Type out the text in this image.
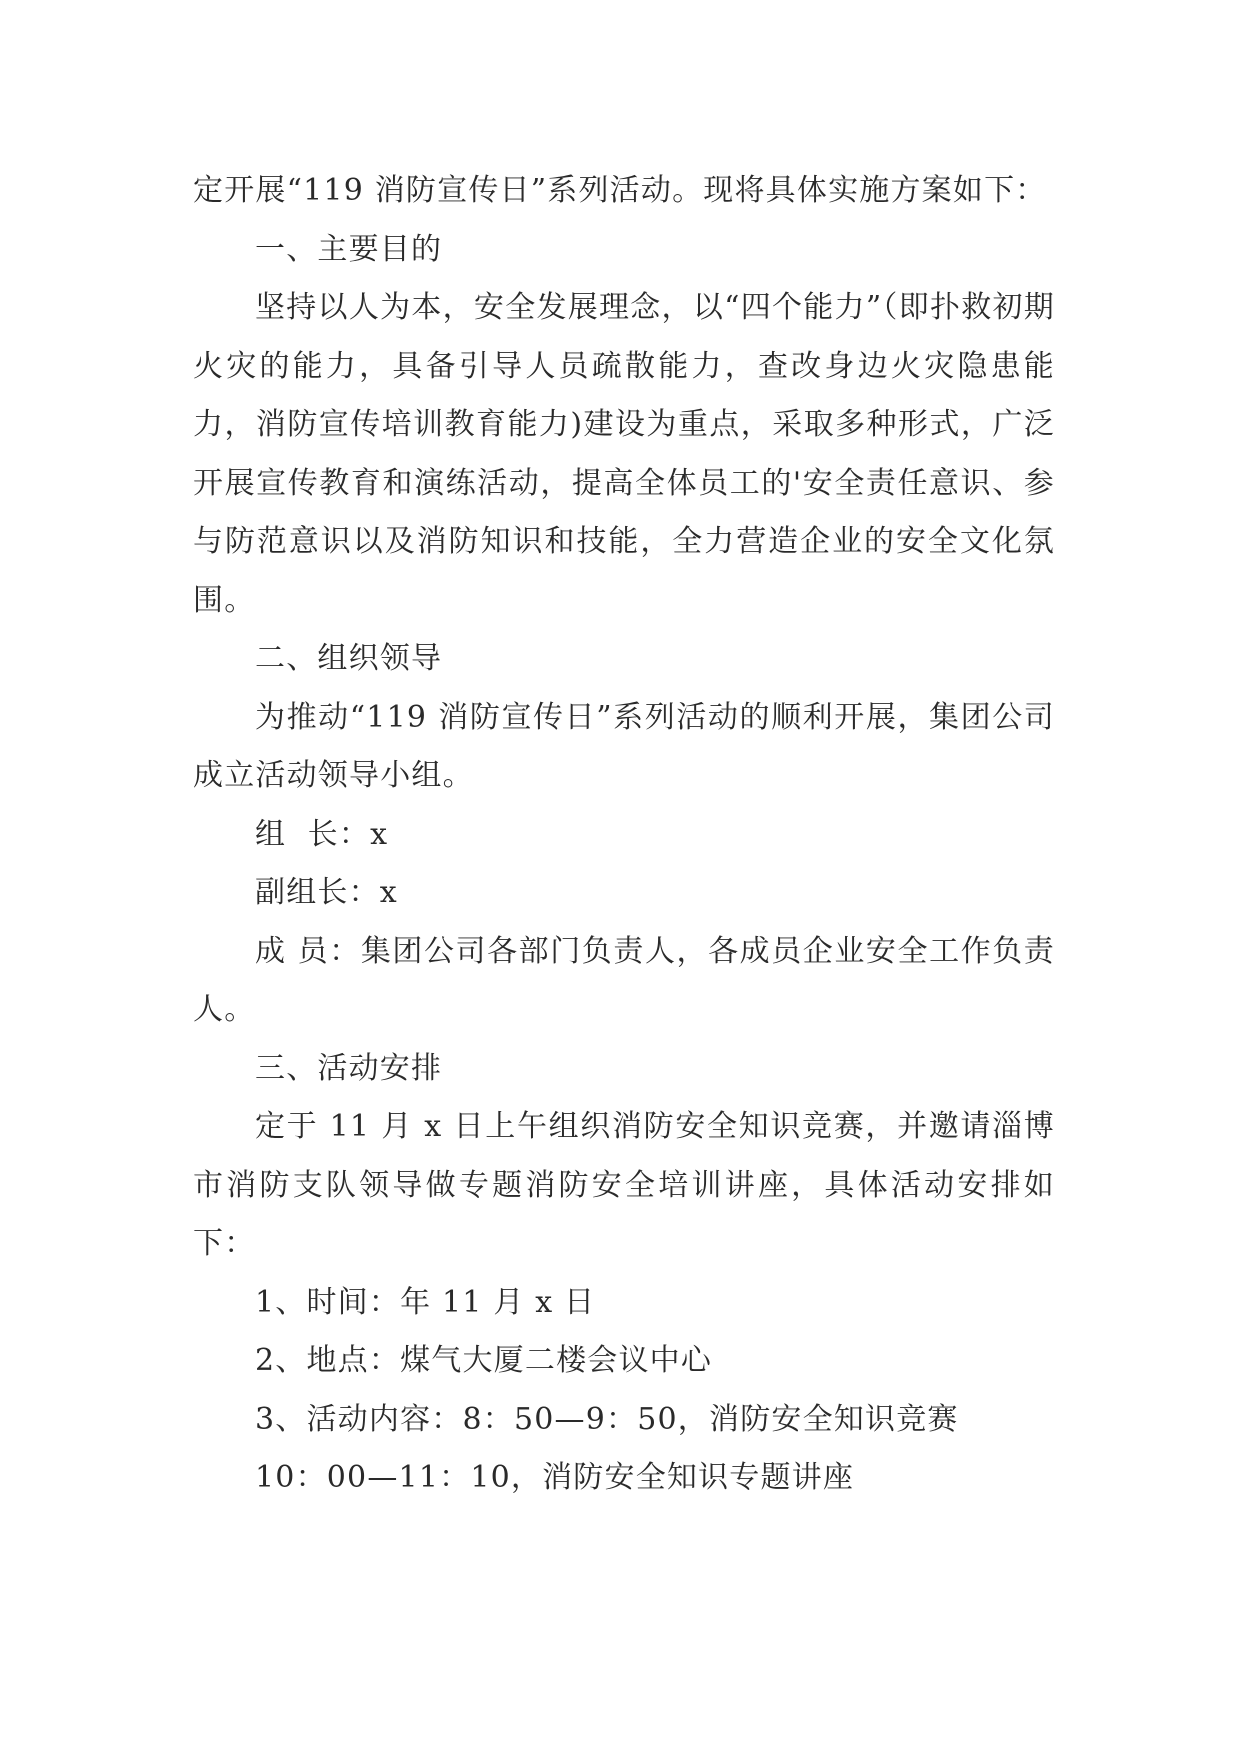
定开展“119 消防宣传日”系列活动。现将具体实施方案如下：

一、主要目的

坚持以人为本，安全发展理念，以“四个能力”（即扑救初期火灾的能力，具备引导人员疏散能力，查改身边火灾隐患能力，消防宣传培训教育能力)建设为重点，采取多种形式，广泛开展宣传教育和演练活动，提高全体员工的'安全责任意识、参与防范意识以及消防知识和技能，全力营造企业的安全文化氛围。

二、组织领导

为推动“119 消防宣传日”系列活动的顺利开展，集团公司成立活动领导小组。

组  长：x

副组长：x

成 员：集团公司各部门负责人，各成员企业安全工作负责人。

三、活动安排

定于 11 月 x 日上午组织消防安全知识竞赛，并邀请淄博市消防支队领导做专题消防安全培训讲座，具体活动安排如下：

1、时间：年 11 月 x 日

2、地点：煤气大厦二楼会议中心

3、活动内容：8：50—9：50，消防安全知识竞赛

10：00—11：10，消防安全知识专题讲座
